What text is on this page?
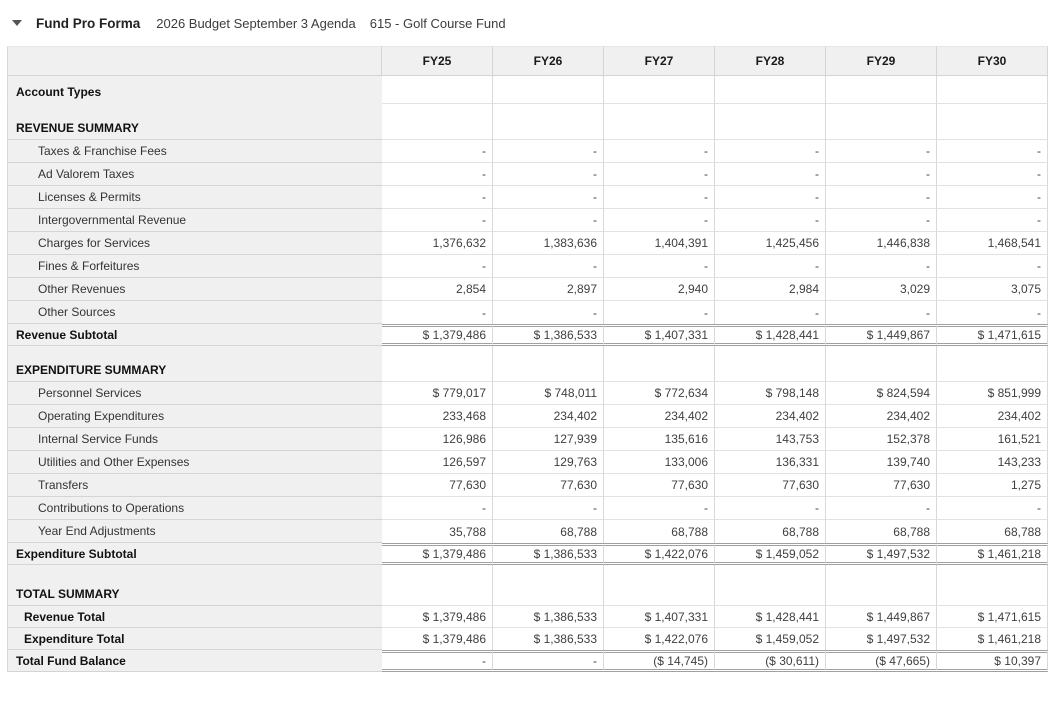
Fund Pro Forma 2026 Budget September 3 Agenda 615 - Golf Course Fund
	FY25	FY26	FY27	FY28	FY29	FY30
Account Types						
REVENUE SUMMARY						
Taxes & Franchise Fees	-	-	-	-	-	-
Ad Valorem Taxes	-	-	-	-	-	-
Licenses & Permits	-	-	-	-	-	-
Intergovernmental Revenue	-	-	-	-	-	-
Charges for Services	1,376,632	1,383,636	1,404,391	1,425,456	1,446,838	1,468,541
Fines & Forfeitures	-	-	-	-	-	-
Other Revenues	2,854	2,897	2,940	2,984	3,029	3,075
Other Sources	-	-	-	-	-	-
Revenue Subtotal	$ 1,379,486	$ 1,386,533	$ 1,407,331	$ 1,428,441	$ 1,449,867	$ 1,471,615
EXPENDITURE SUMMARY						
Personnel Services	$ 779,017	$ 748,011	$ 772,634	$ 798,148	$ 824,594	$ 851,999
Operating Expenditures	233,468	234,402	234,402	234,402	234,402	234,402
Internal Service Funds	126,986	127,939	135,616	143,753	152,378	161,521
Utilities and Other Expenses	126,597	129,763	133,006	136,331	139,740	143,233
Transfers	77,630	77,630	77,630	77,630	77,630	1,275
Contributions to Operations	-	-	-	-	-	-
Year End Adjustments	35,788	68,788	68,788	68,788	68,788	68,788
Expenditure Subtotal	$ 1,379,486	$ 1,386,533	$ 1,422,076	$ 1,459,052	$ 1,497,532	$ 1,461,218
TOTAL SUMMARY						
Revenue Total	$ 1,379,486	$ 1,386,533	$ 1,407,331	$ 1,428,441	$ 1,449,867	$ 1,471,615
Expenditure Total	$ 1,379,486	$ 1,386,533	$ 1,422,076	$ 1,459,052	$ 1,497,532	$ 1,461,218
Total Fund Balance	-	-	($ 14,745)	($ 30,611)	($ 47,665)	$ 10,397
